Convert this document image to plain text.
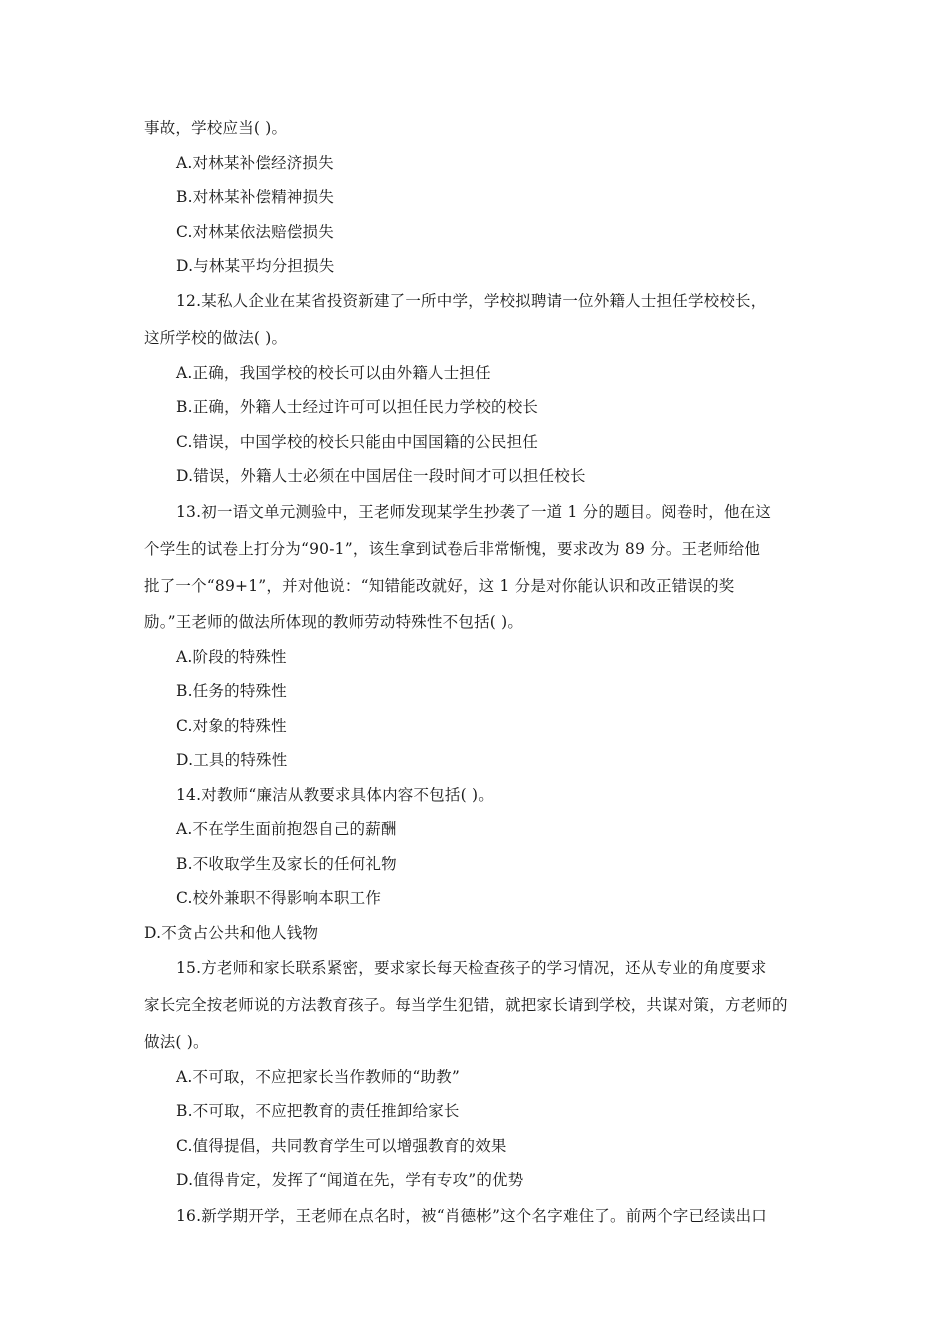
事故，学校应当( )。
A.对林某补偿经济损失
B.对林某补偿精神损失
C.对林某依法赔偿损失
D.与林某平均分担损失
12.某私人企业在某省投资新建了一所中学，学校拟聘请一位外籍人士担任学校校长，
这所学校的做法( )。
A.正确，我国学校的校长可以由外籍人士担任
B.正确，外籍人士经过许可可以担任民力学校的校长
C.错误，中国学校的校长只能由中国国籍的公民担任
D.错误，外籍人士必须在中国居住一段时间才可以担任校长
13.初一语文单元测验中，王老师发现某学生抄袭了一道 1 分的题目。阅卷时，他在这
个学生的试卷上打分为“90-1”，该生拿到试卷后非常惭愧，要求改为 89 分。王老师给他
批了一个“89+1”，并对他说：“知错能改就好，这 1 分是对你能认识和改正错误的奖
励。”王老师的做法所体现的教师劳动特殊性不包括( )。
A.阶段的特殊性
B.任务的特殊性
C.对象的特殊性
D.工具的特殊性
14.对教师“廉洁从教要求具体内容不包括( )。
A.不在学生面前抱怨自己的薪酬
B.不收取学生及家长的任何礼物
C.校外兼职不得影响本职工作
D.不贪占公共和他人钱物
15.方老师和家长联系紧密，要求家长每天检查孩子的学习情况，还从专业的角度要求
家长完全按老师说的方法教育孩子。每当学生犯错，就把家长请到学校，共谋对策，方老师的
做法( )。
A.不可取，不应把家长当作教师的“助教”
B.不可取，不应把教育的责任推卸给家长
C.值得提倡，共同教育学生可以增强教育的效果
D.值得肯定，发挥了“闻道在先，学有专攻”的优势
16.新学期开学，王老师在点名时，被“肖德彬”这个名字难住了。前两个字已经读出口
